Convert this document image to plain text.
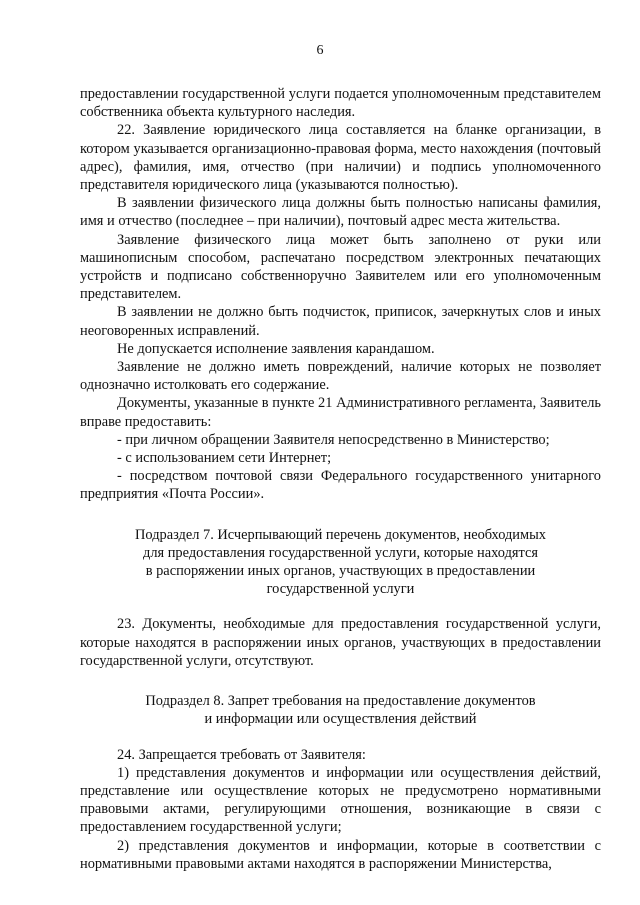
6

предоставлении государственной услуги подается уполномоченным представителем собственника объекта культурного наследия.

22. Заявление юридического лица составляется на бланке организации, в котором указывается организационно-правовая форма, место нахождения (почтовый адрес), фамилия, имя, отчество (при наличии) и подпись уполномоченного представителя юридического лица (указываются полностью).

В заявлении физического лица должны быть полностью написаны фамилия, имя и отчество (последнее – при наличии), почтовый адрес места жительства.

Заявление физического лица может быть заполнено от руки или машинописным способом, распечатано посредством электронных печатающих устройств и подписано собственноручно Заявителем или его уполномоченным представителем.

В заявлении не должно быть подчисток, приписок, зачеркнутых слов и иных неоговоренных исправлений.

Не допускается исполнение заявления карандашом.

Заявление не должно иметь повреждений, наличие которых не позволяет однозначно истолковать его содержание.

Документы, указанные в пункте 21 Административного регламента, Заявитель вправе предоставить:

- при личном обращении Заявителя непосредственно в Министерство;

- с использованием сети Интернет;

- посредством почтовой связи Федерального государственного унитарного предприятия «Почта России».

Подраздел 7. Исчерпывающий перечень документов, необходимых

для предоставления государственной услуги, которые находятся

в распоряжении иных органов, участвующих в предоставлении

государственной услуги

23. Документы, необходимые для предоставления государственной услуги, которые находятся в распоряжении иных органов, участвующих в предоставлении государственной услуги, отсутствуют.

Подраздел 8. Запрет требования на предоставление документов

и информации или осуществления действий

24. Запрещается требовать от Заявителя:

1) представления документов и информации или осуществления действий, представление или осуществление которых не предусмотрено нормативными правовыми актами, регулирующими отношения, возникающие в связи с предоставлением государственной услуги;

2) представления документов и информации, которые в соответствии с нормативными правовыми актами находятся в распоряжении Министерства,
